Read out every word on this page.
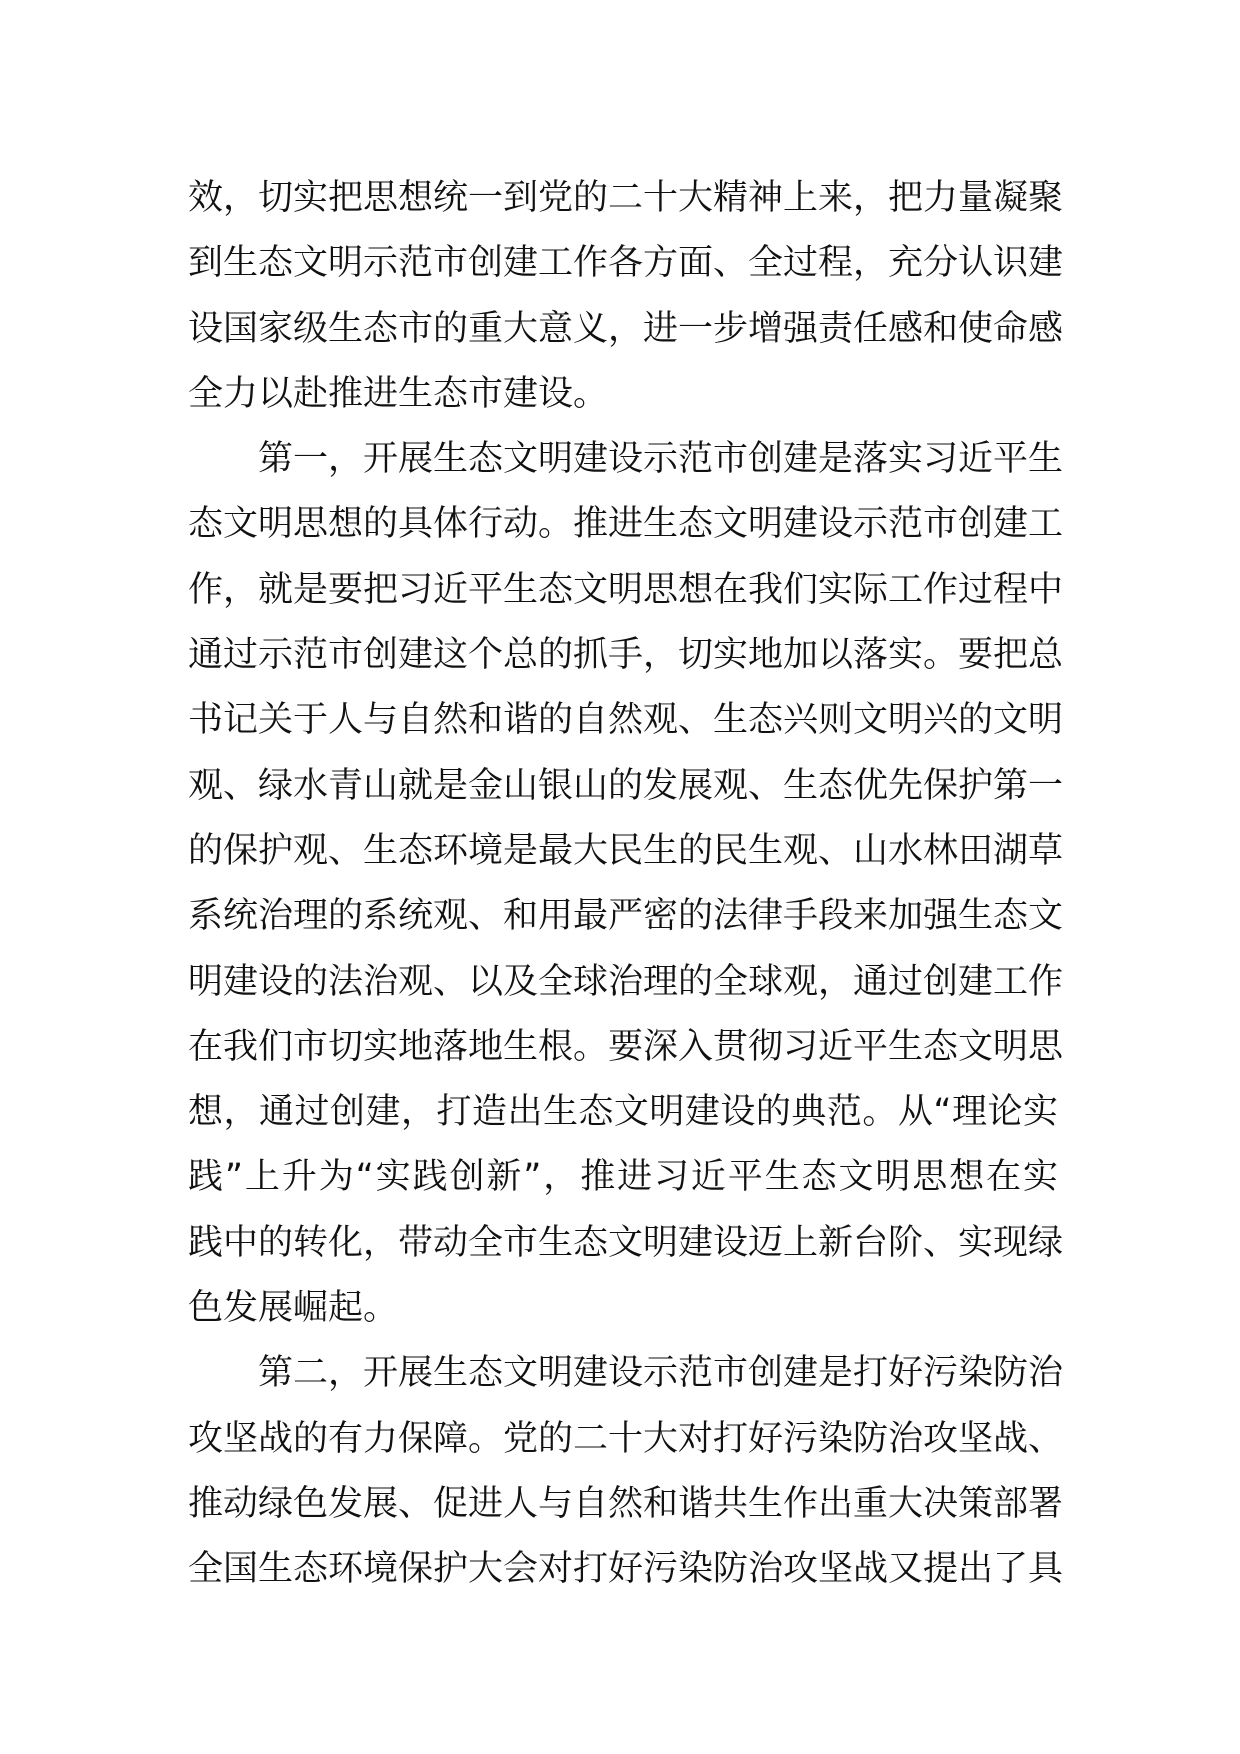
效，切实把思想统一到党的二十大精神上来，把力量凝聚
到生态文明示范市创建工作各方面、全过程，充分认识建
设国家级生态市的重大意义，进一步增强责任感和使命感
全力以赴推进生态市建设。
　　第一，开展生态文明建设示范市创建是落实习近平生
态文明思想的具体行动。推进生态文明建设示范市创建工
作，就是要把习近平生态文明思想在我们实际工作过程中
通过示范市创建这个总的抓手，切实地加以落实。要把总
书记关于人与自然和谐的自然观、生态兴则文明兴的文明
观、绿水青山就是金山银山的发展观、生态优先保护第一
的保护观、生态环境是最大民生的民生观、山水林田湖草
系统治理的系统观、和用最严密的法律手段来加强生态文
明建设的法治观、以及全球治理的全球观，通过创建工作
在我们市切实地落地生根。要深入贯彻习近平生态文明思
想，通过创建，打造出生态文明建设的典范。从“理论实
践”上升为“实践创新”，推进习近平生态文明思想在实
践中的转化，带动全市生态文明建设迈上新台阶、实现绿
色发展崛起。
　　第二，开展生态文明建设示范市创建是打好污染防治
攻坚战的有力保障。党的二十大对打好污染防治攻坚战、
推动绿色发展、促进人与自然和谐共生作出重大决策部署
全国生态环境保护大会对打好污染防治攻坚战又提出了具
